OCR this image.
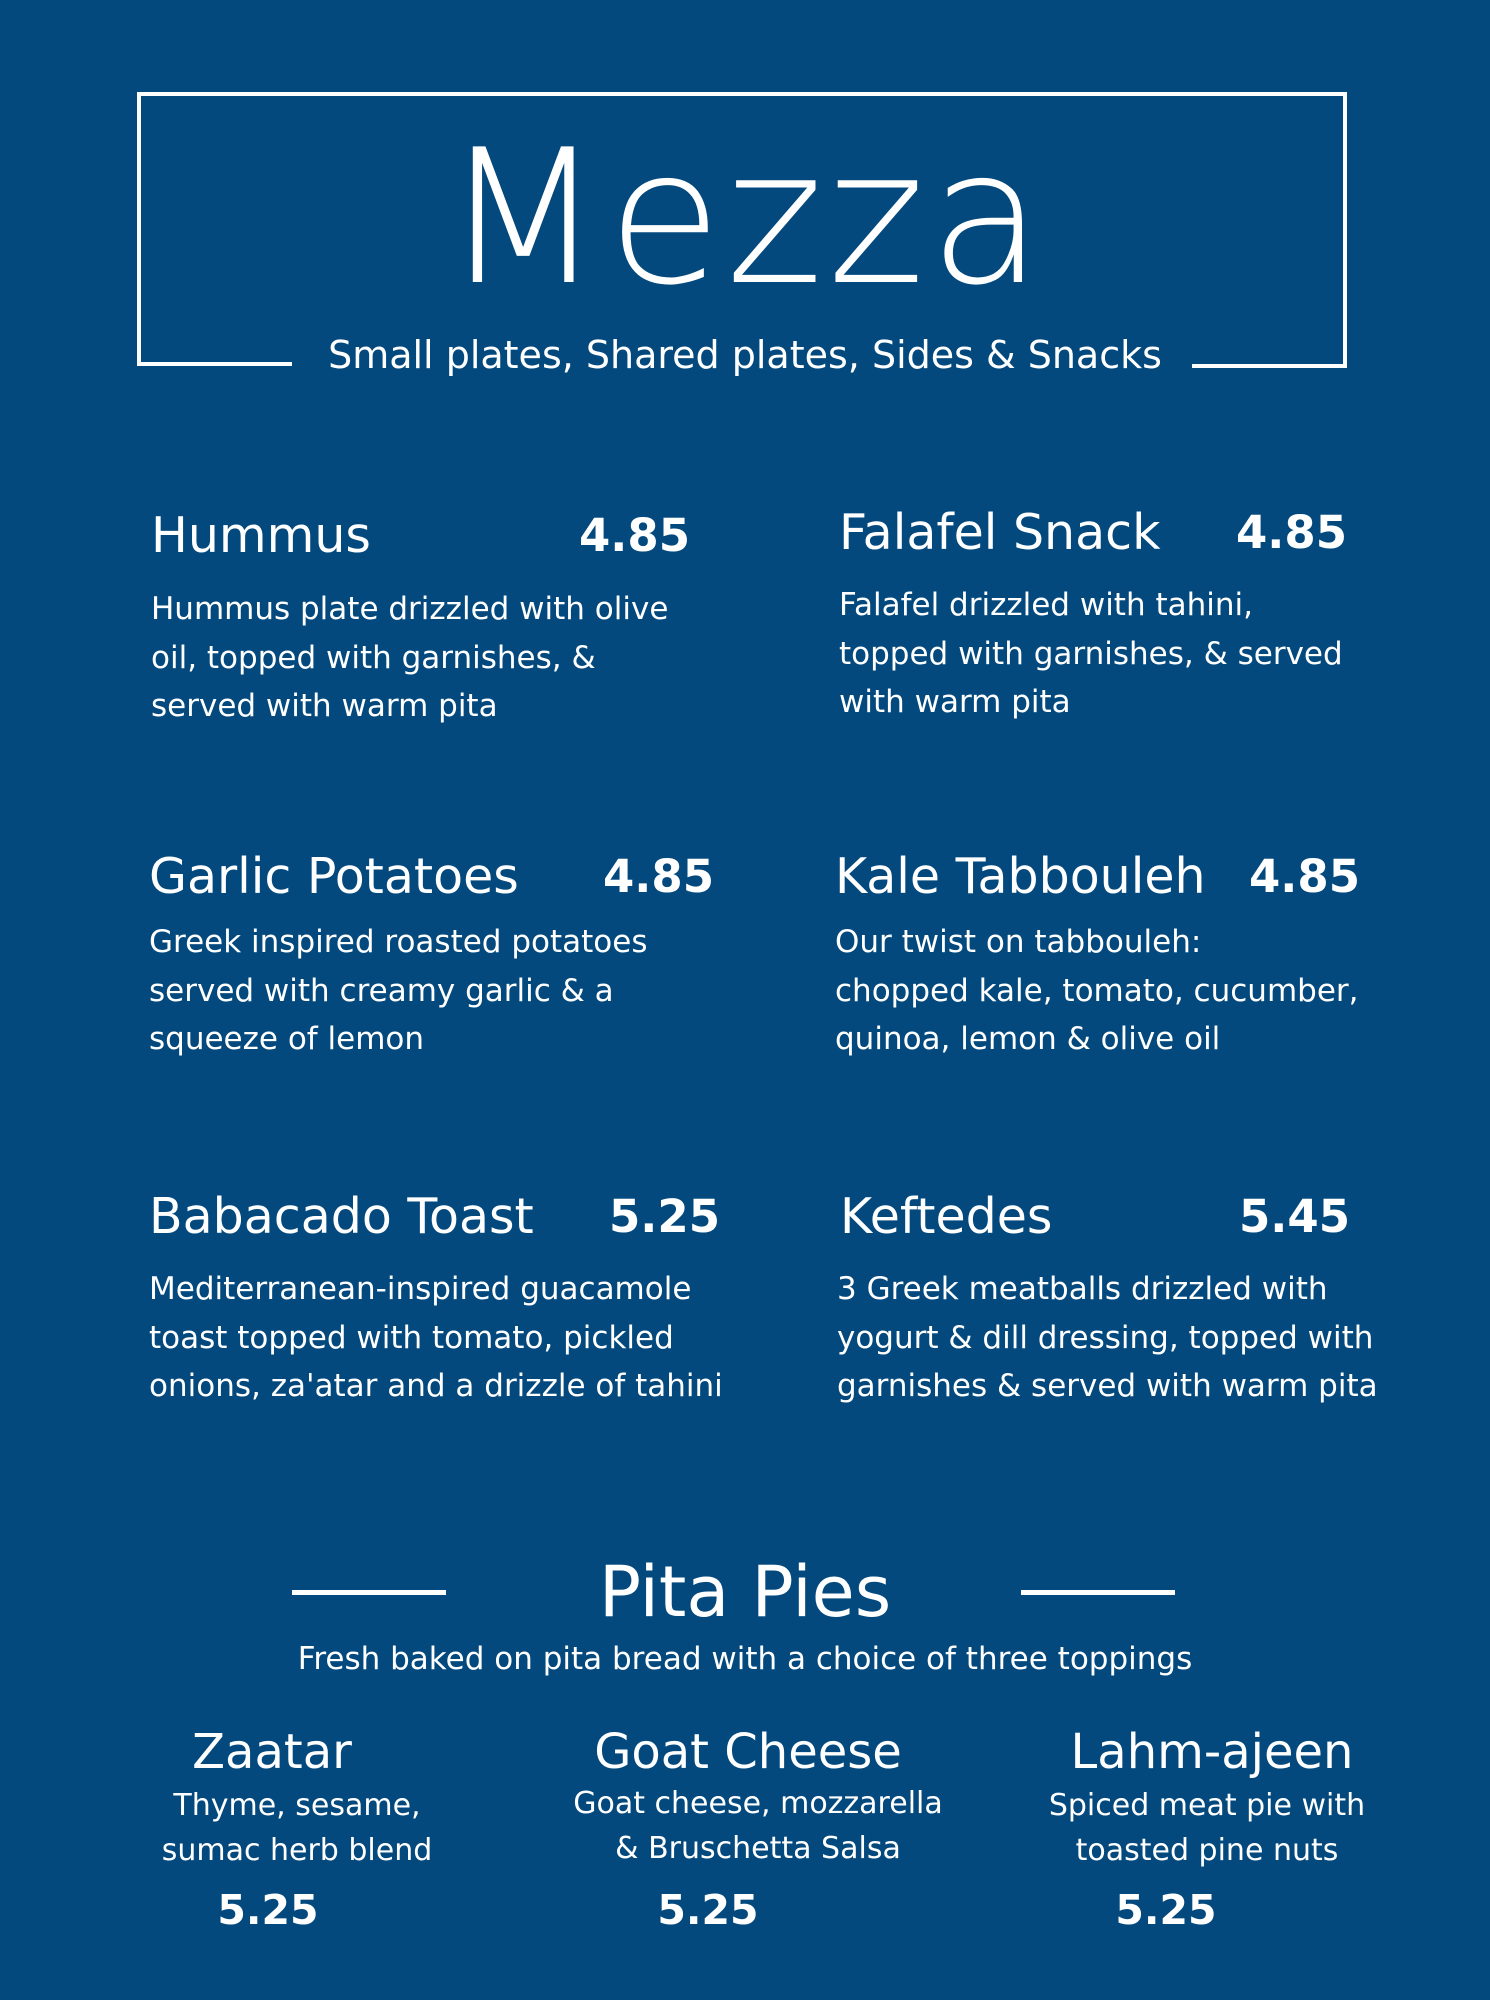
Mezza
Small plates, Shared plates, Sides & Snacks
Hummus	4.85
Hummus plate drizzled with olive
oil, topped with garnishes, &
served with warm pita
Falafel Snack 4.85
Falafel drizzled with tahini,
topped with garnishes, & served
with warm pita
Garlic Potatoes 4.85
Greek inspired roasted potatoes
served with creamy garlic & a
squeeze of lemon
Kale Tabbouleh 4.85
Our twist on tabbouleh:
chopped kale, tomato, cucumber,
quinoa, lemon & olive oil
Babacado Toast 5.25
Mediterranean-inspired guacamole
toast topped with tomato, pickled
onions, za'atar and a drizzle of tahini
Keftedes	5.45
3 Greek meatballs drizzled with
yogurt & dill dressing, topped with
garnishes & served with warm pita
Pita Pies
Fresh baked on pita bread with a choice of three toppings
Zaatar
Thyme, sesame,
sumac herb blend
5.25
Goat Cheese
Goat cheese, mozzarella
& Bruschetta Salsa
5.25
Lahm-ajeen
Spiced meat pie with
toasted pine nuts
5.25
